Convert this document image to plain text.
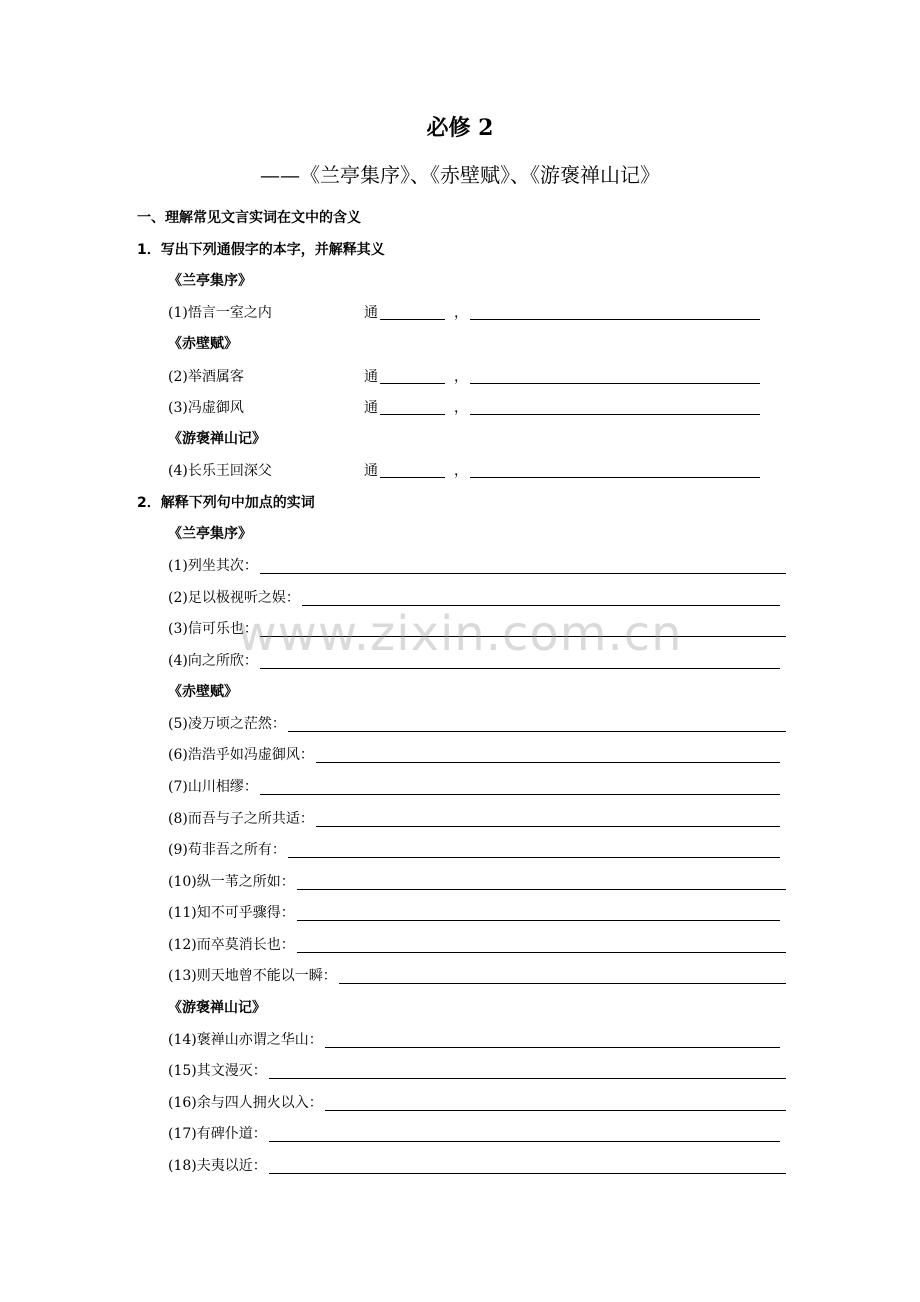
必修 2
——《兰亭集序》、《赤壁赋》、《游褒禅山记》
一、理解常见文言实词在文中的含义
1．写出下列通假字的本字，并解释其义
《兰亭集序》
(1)悟言一室之内	通	，
《赤壁赋》
(2)举酒属客	通	，
(3)冯虚御风	通	，
《游褒禅山记》
(4)长乐王回深父	通	，
2．解释下列句中加点的实词
《兰亭集序》
(1)列坐其次：
(2)足以极视听之娱：
(3)信可乐也：
(4)向之所欣：
《赤壁赋》
(5)凌万顷之茫然：
(6)浩浩乎如冯虚御风：
(7)山川相缪：
(8)而吾与子之所共适：
(9)苟非吾之所有：
(10)纵一苇之所如：
(11)知不可乎骤得：
(12)而卒莫消长也：
(13)则天地曾不能以一瞬：
《游褒禅山记》
(14)褒禅山亦谓之华山：
(15)其文漫灭：
(16)余与四人拥火以入：
(17)有碑仆道：
(18)夫夷以近：
www.zixin.com.cn
